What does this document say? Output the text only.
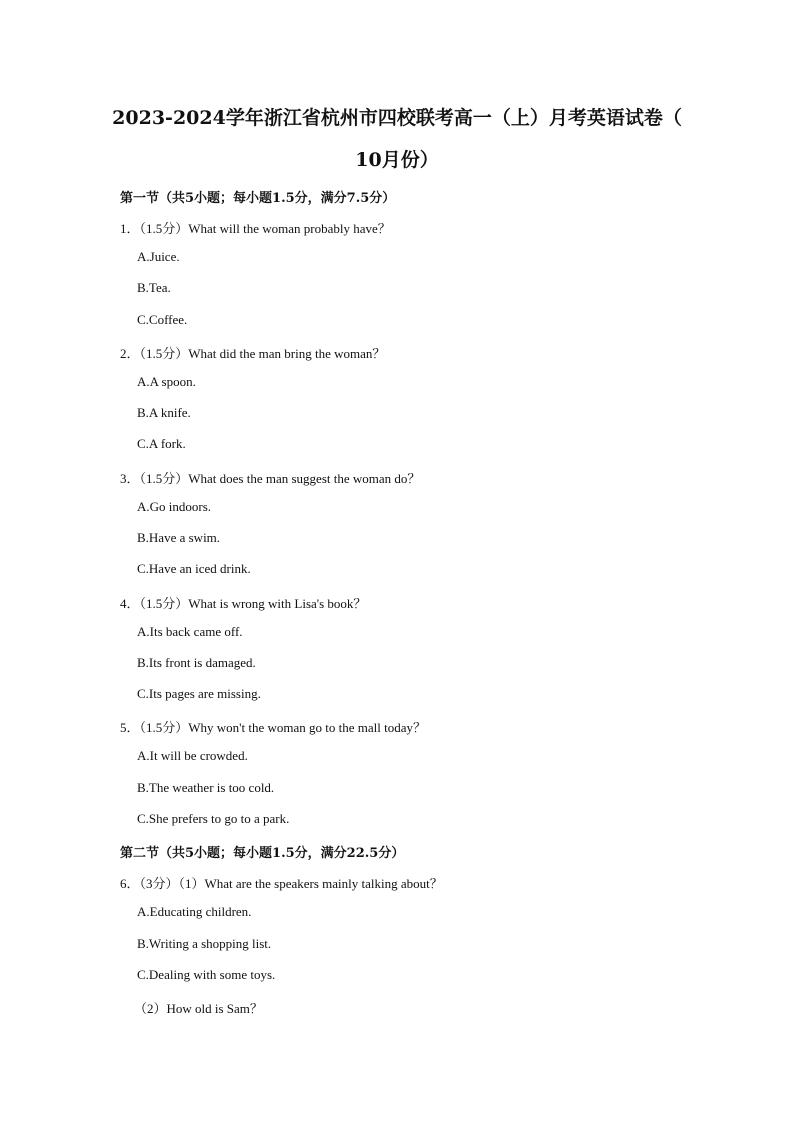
2023-2024学年浙江省杭州市四校联考高一（上）月考英语试卷（
10月份）
第一节（共5小题；每小题1.5分，满分7.5分）
1．（1.5分）What will the woman probably have？
A.Juice.
B.Tea.
C.Coffee.
2．（1.5分）What did the man bring the woman？
A.A spoon.
B.A knife.
C.A fork.
3．（1.5分）What does the man suggest the woman do？
A.Go indoors.
B.Have a swim.
C.Have an iced drink.
4．（1.5分）What is wrong with Lisa's book？
A.Its back came off.
B.Its front is damaged.
C.Its pages are missing.
5．（1.5分）Why won't the woman go to the mall today？
A.It will be crowded.
B.The weather is too cold.
C.She prefers to go to a park.
第二节（共5小题；每小题1.5分，满分22.5分）
6．（3分）（1）What are the speakers mainly talking about？
A.Educating children.
B.Writing a shopping list.
C.Dealing with some toys.
（2）How old is Sam？
